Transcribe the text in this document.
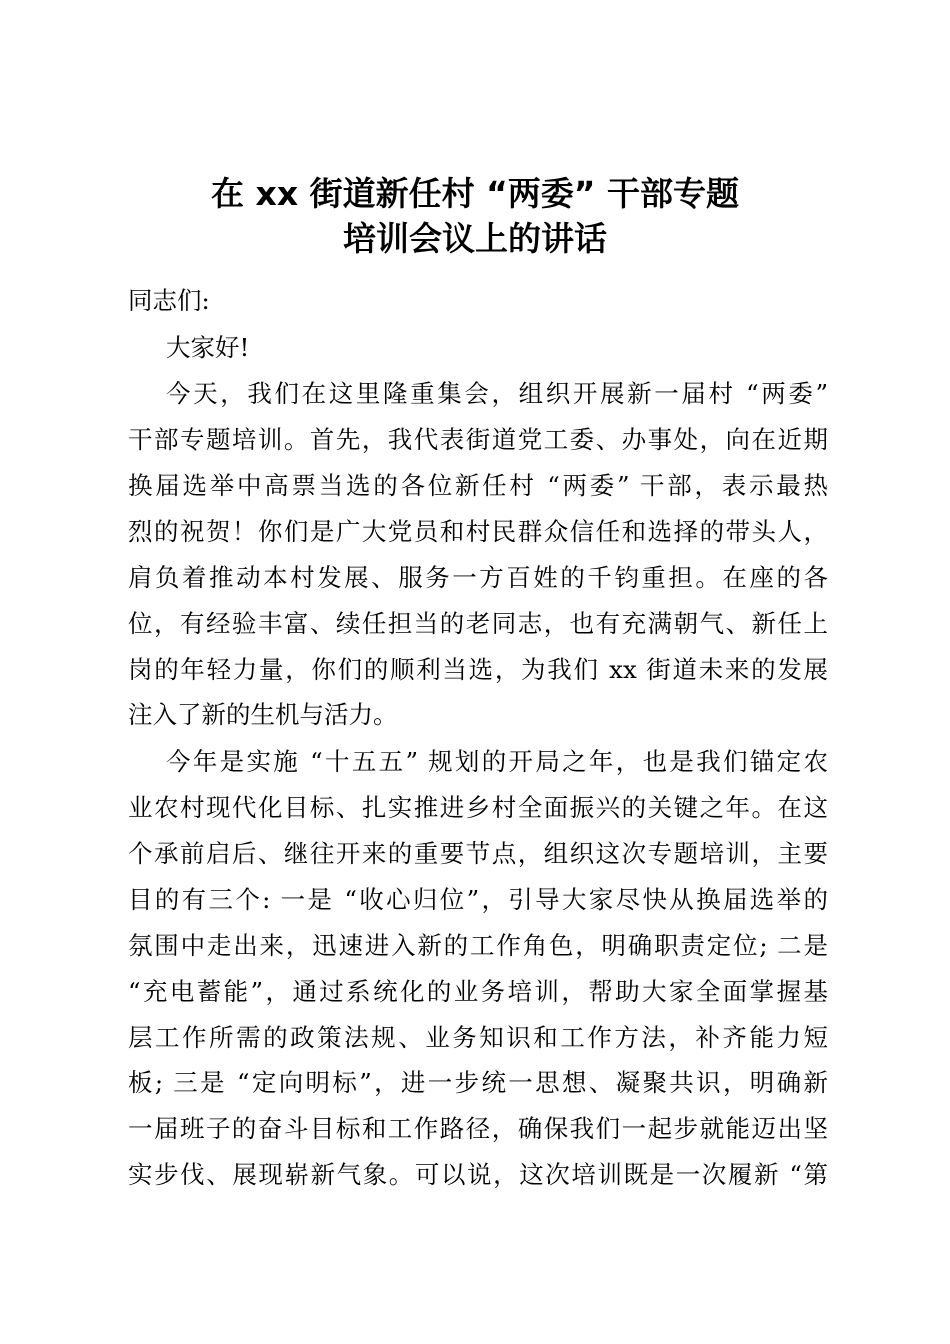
在 xx 街道新任村 “两委” 干部专题
培训会议上的讲话
同志们:
大家好!
今天，我们在这里隆重集会，组织开展新一届村 “两委”
干部专题培训。首先，我代表街道党工委、办事处，向在近期
换届选举中高票当选的各位新任村 “两委” 干部，表示最热
烈的祝贺！你们是广大党员和村民群众信任和选择的带头人，
肩负着推动本村发展、服务一方百姓的千钧重担。在座的各
位，有经验丰富、续任担当的老同志，也有充满朝气、新任上
岗的年轻力量，你们的顺利当选，为我们 xx 街道未来的发展
注入了新的生机与活力。
今年是实施 “十五五” 规划的开局之年，也是我们锚定农
业农村现代化目标、扎实推进乡村全面振兴的关键之年。在这
个承前启后、继往开来的重要节点，组织这次专题培训，主要
目的有三个: 一是 “收心归位”，引导大家尽快从换届选举的
氛围中走出来，迅速进入新的工作角色，明确职责定位; 二是
“充电蓄能”，通过系统化的业务培训，帮助大家全面掌握基
层工作所需的政策法规、业务知识和工作方法，补齐能力短
板; 三是 “定向明标”，进一步统一思想、凝聚共识，明确新
一届班子的奋斗目标和工作路径，确保我们一起步就能迈出坚
实步伐、展现崭新气象。可以说，这次培训既是一次履新 “第
